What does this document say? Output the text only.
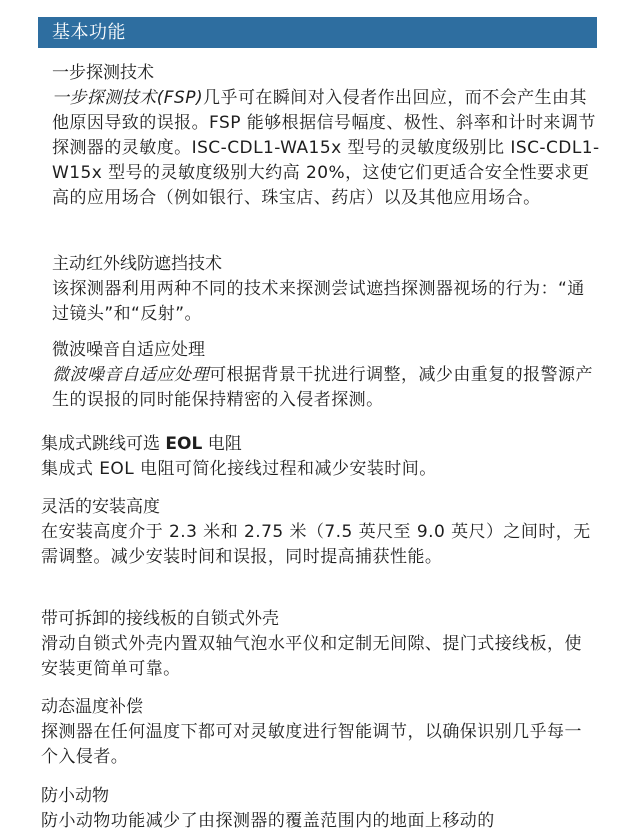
基本功能
一步探测技术
一步探测技术(FSP)几乎可在瞬间对入侵者作出回应，而不会产生由其他原因导致的误报。FSP 能够根据信号幅度、极性、斜率和计时来调节探测器的灵敏度。ISC-CDL1-WA15x 型号的灵敏度级别比 ISC-CDL1-W15x 型号的灵敏度级别大约高 20%，这使它们更适合安全性要求更高的应用场合（例如银行、珠宝店、药店）以及其他应用场合。
主动红外线防遮挡技术
该探测器利用两种不同的技术来探测尝试遮挡探测器视场的行为：“通过镜头”和“反射”。
微波噪音自适应处理
微波噪音自适应处理可根据背景干扰进行调整，减少由重复的报警源产生的误报的同时能保持精密的入侵者探测。
集成式跳线可选 EOL 电阻
集成式 EOL 电阻可简化接线过程和减少安装时间。
灵活的安装高度
在安装高度介于 2.3 米和 2.75 米（7.5 英尺至 9.0 英尺）之间时，无需调整。减少安装时间和误报，同时提高捕获性能。
带可拆卸的接线板的自锁式外壳
滑动自锁式外壳内置双轴气泡水平仪和定制无间隙、提门式接线板，使安装更简单可靠。
动态温度补偿
探测器在任何温度下都可对灵敏度进行智能调节，以确保识别几乎每一个入侵者。
防小动物
防小动物功能减少了由探测器的覆盖范围内的地面上移动的
